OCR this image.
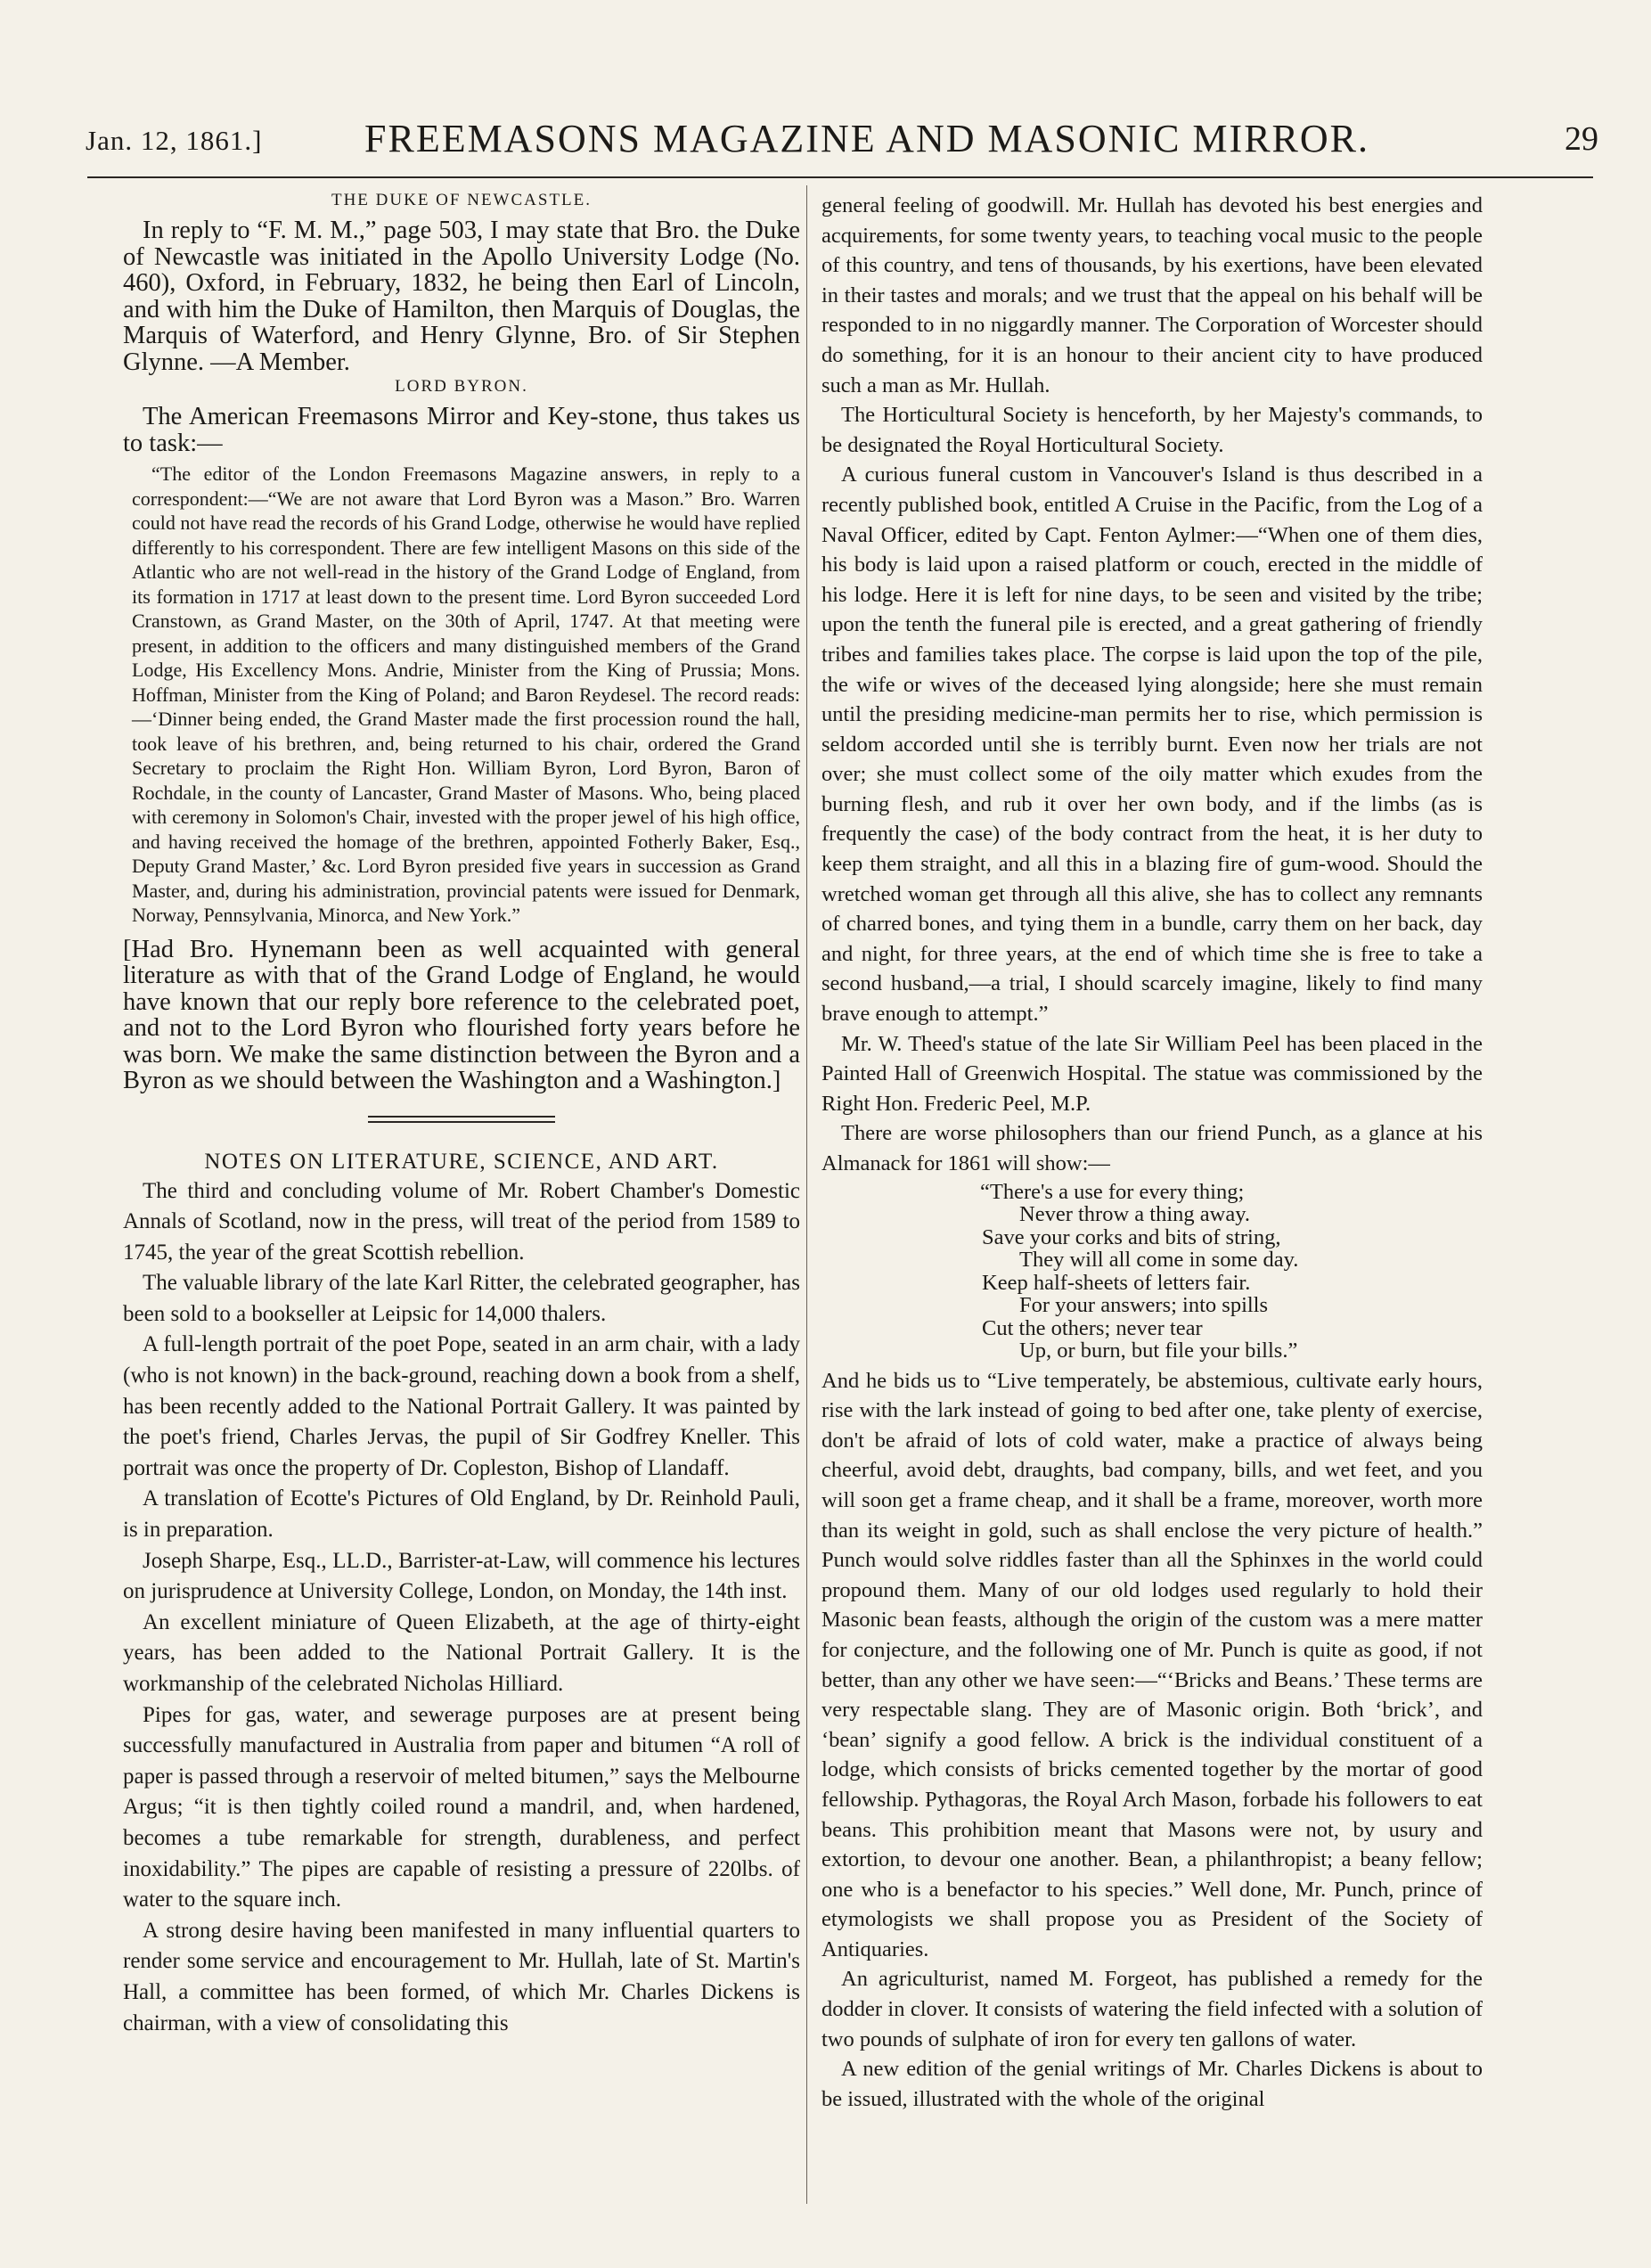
Jan. 12, 1861.]	FREEMASONS MAGAZINE AND MASONIC MIRROR.	29
THE DUKE OF NEWCASTLE.

In reply to “F. M. M.,” page 503, I may state that Bro. the Duke of Newcastle was initiated in the Apollo University Lodge (No. 460), Oxford, in February, 1832, he being then Earl of Lincoln, and with him the Duke of Hamilton, then Marquis of Douglas, the Marquis of Waterford, and Henry Glynne, Bro. of Sir Stephen Glynne. —A Member.

LORD BYRON.

The American Freemasons Mirror and Key-stone, thus takes us to task:—

“The editor of the London Freemasons Magazine answers, in reply to a correspondent:—“We are not aware that Lord Byron was a Mason.” Bro. Warren could not have read the records of his Grand Lodge, otherwise he would have replied differently to his correspondent. There are few intelligent Masons on this side of the Atlantic who are not well-read in the history of the Grand Lodge of England, from its formation in 1717 at least down to the present time. Lord Byron succeeded Lord Cranstown, as Grand Master, on the 30th of April, 1747. At that meeting were present, in addition to the officers and many distinguished members of the Grand Lodge, His Excellency Mons. Andrie, Minister from the King of Prussia; Mons. Hoffman, Minister from the King of Poland; and Baron Reydesel. The record reads:—‘Dinner being ended, the Grand Master made the first procession round the hall, took leave of his brethren, and, being returned to his chair, ordered the Grand Secretary to proclaim the Right Hon. William Byron, Lord Byron, Baron of Rochdale, in the county of Lancaster, Grand Master of Masons. Who, being placed with ceremony in Solomon's Chair, invested with the proper jewel of his high office, and having received the homage of the brethren, appointed Fotherly Baker, Esq., Deputy Grand Master,’ &c. Lord Byron presided five years in succession as Grand Master, and, during his administration, provincial patents were issued for Denmark, Norway, Pennsylvania, Minorca, and New York.”

[Had Bro. Hynemann been as well acquainted with general literature as with that of the Grand Lodge of England, he would have known that our reply bore reference to the celebrated poet, and not to the Lord Byron who flourished forty years before he was born. We make the same distinction between the Byron and a Byron as we should between the Washington and a Washington.]

NOTES ON LITERATURE, SCIENCE, AND ART.

The third and concluding volume of Mr. Robert Chamber's Domestic Annals of Scotland, now in the press, will treat of the period from 1589 to 1745, the year of the great Scottish rebellion.

The valuable library of the late Karl Ritter, the celebrated geographer, has been sold to a bookseller at Leipsic for 14,000 thalers.

A full-length portrait of the poet Pope, seated in an arm chair, with a lady (who is not known) in the back-ground, reaching down a book from a shelf, has been recently added to the National Portrait Gallery. It was painted by the poet's friend, Charles Jervas, the pupil of Sir Godfrey Kneller. This portrait was once the property of Dr. Copleston, Bishop of Llandaff.

A translation of Ecotte's Pictures of Old England, by Dr. Reinhold Pauli, is in preparation.

Joseph Sharpe, Esq., LL.D., Barrister-at-Law, will commence his lectures on jurisprudence at University College, London, on Monday, the 14th inst.

An excellent miniature of Queen Elizabeth, at the age of thirty-eight years, has been added to the National Portrait Gallery. It is the workmanship of the celebrated Nicholas Hilliard.

Pipes for gas, water, and sewerage purposes are at present being successfully manufactured in Australia from paper and bitumen “A roll of paper is passed through a reservoir of melted bitumen,” says the Melbourne Argus; “it is then tightly coiled round a mandril, and, when hardened, becomes a tube remarkable for strength, durableness, and perfect inoxidability.” The pipes are capable of resisting a pressure of 220lbs. of water to the square inch.

A strong desire having been manifested in many influential quarters to render some service and encouragement to Mr. Hullah, late of St. Martin's Hall, a committee has been formed, of which Mr. Charles Dickens is chairman, with a view of consolidating this

general feeling of goodwill. Mr. Hullah has devoted his best energies and acquirements, for some twenty years, to teaching vocal music to the people of this country, and tens of thousands, by his exertions, have been elevated in their tastes and morals; and we trust that the appeal on his behalf will be responded to in no niggardly manner. The Corporation of Worcester should do something, for it is an honour to their ancient city to have produced such a man as Mr. Hullah.

The Horticultural Society is henceforth, by her Majesty's commands, to be designated the Royal Horticultural Society.

A curious funeral custom in Vancouver's Island is thus described in a recently published book, entitled A Cruise in the Pacific, from the Log of a Naval Officer, edited by Capt. Fenton Aylmer:—“When one of them dies, his body is laid upon a raised platform or couch, erected in the middle of his lodge. Here it is left for nine days, to be seen and visited by the tribe; upon the tenth the funeral pile is erected, and a great gathering of friendly tribes and families takes place. The corpse is laid upon the top of the pile, the wife or wives of the deceased lying alongside; here she must remain until the presiding medicine-man permits her to rise, which permission is seldom accorded until she is terribly burnt. Even now her trials are not over; she must collect some of the oily matter which exudes from the burning flesh, and rub it over her own body, and if the limbs (as is frequently the case) of the body contract from the heat, it is her duty to keep them straight, and all this in a blazing fire of gum-wood. Should the wretched woman get through all this alive, she has to collect any remnants of charred bones, and tying them in a bundle, carry them on her back, day and night, for three years, at the end of which time she is free to take a second husband,—a trial, I should scarcely imagine, likely to find many brave enough to attempt.”

Mr. W. Theed's statue of the late Sir William Peel has been placed in the Painted Hall of Greenwich Hospital. The statue was commissioned by the Right Hon. Frederic Peel, M.P.

There are worse philosophers than our friend Punch, as a glance at his Almanack for 1861 will show:—

“There's a use for every thing;
Never throw a thing away.
Save your corks and bits of string,
They will all come in some day.
Keep half-sheets of letters fair.
For your answers; into spills
Cut the others; never tear
Up, or burn, but file your bills.”

And he bids us to “Live temperately, be abstemious, cultivate early hours, rise with the lark instead of going to bed after one, take plenty of exercise, don't be afraid of lots of cold water, make a practice of always being cheerful, avoid debt, draughts, bad company, bills, and wet feet, and you will soon get a frame cheap, and it shall be a frame, moreover, worth more than its weight in gold, such as shall enclose the very picture of health.” Punch would solve riddles faster than all the Sphinxes in the world could propound them. Many of our old lodges used regularly to hold their Masonic bean feasts, although the origin of the custom was a mere matter for conjecture, and the following one of Mr. Punch is quite as good, if not better, than any other we have seen:—“‘Bricks and Beans.’ These terms are very respectable slang. They are of Masonic origin. Both ‘brick’, and ‘bean’ signify a good fellow. A brick is the individual constituent of a lodge, which consists of bricks cemented together by the mortar of good fellowship. Pythagoras, the Royal Arch Mason, forbade his followers to eat beans. This prohibition meant that Masons were not, by usury and extortion, to devour one another. Bean, a philanthropist; a beany fellow; one who is a benefactor to his species.” Well done, Mr. Punch, prince of etymologists we shall propose you as President of the Society of Antiquaries.

An agriculturist, named M. Forgeot, has published a remedy for the dodder in clover. It consists of watering the field infected with a solution of two pounds of sulphate of iron for every ten gallons of water.

A new edition of the genial writings of Mr. Charles Dickens is about to be issued, illustrated with the whole of the original
